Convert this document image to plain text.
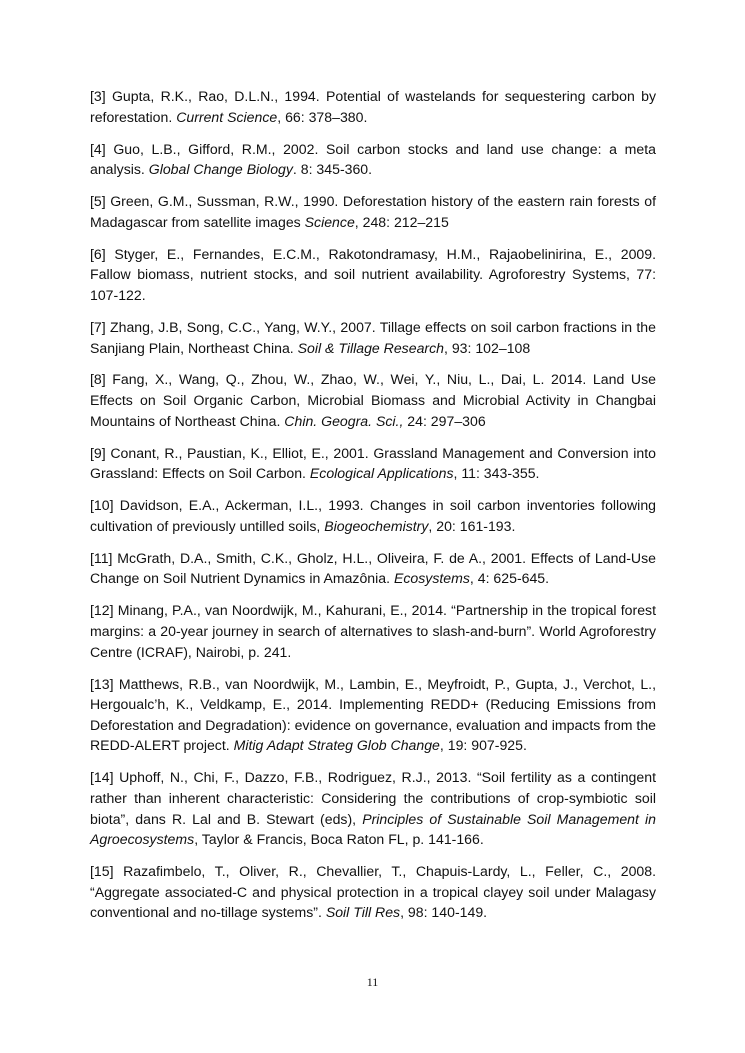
[3] Gupta, R.K., Rao, D.L.N., 1994. Potential of wastelands for sequestering carbon by reforestation. Current Science, 66: 378–380.

[4] Guo, L.B., Gifford, R.M., 2002. Soil carbon stocks and land use change: a meta analysis. Global Change Biology. 8: 345-360.

[5] Green, G.M., Sussman, R.W., 1990. Deforestation history of the eastern rain forests of Madagascar from satellite images Science, 248: 212–215

[6] Styger, E., Fernandes, E.C.M., Rakotondramasy, H.M., Rajaobelinirina, E., 2009. Fallow biomass, nutrient stocks, and soil nutrient availability. Agroforestry Systems, 77: 107-122.

[7] Zhang, J.B, Song, C.C., Yang, W.Y., 2007. Tillage effects on soil carbon fractions in the Sanjiang Plain, Northeast China. Soil & Tillage Research, 93: 102–108

[8] Fang, X., Wang, Q., Zhou, W., Zhao, W., Wei, Y., Niu, L., Dai, L. 2014. Land Use Effects on Soil Organic Carbon, Microbial Biomass and Microbial Activity in Changbai Mountains of Northeast China. Chin. Geogra. Sci., 24: 297–306

[9] Conant, R., Paustian, K., Elliot, E., 2001. Grassland Management and Conversion into Grassland: Effects on Soil Carbon. Ecological Applications, 11: 343-355.

[10] Davidson, E.A., Ackerman, I.L., 1993. Changes in soil carbon inventories following cultivation of previously untilled soils, Biogeochemistry, 20: 161-193.

[11] McGrath, D.A., Smith, C.K., Gholz, H.L., Oliveira, F. de A., 2001. Effects of Land-Use Change on Soil Nutrient Dynamics in Amazônia. Ecosystems, 4: 625-645.

[12] Minang, P.A., van Noordwijk, M., Kahurani, E., 2014. “Partnership in the tropical forest margins: a 20-year journey in search of alternatives to slash-and-burn”. World Agroforestry Centre (ICRAF), Nairobi, p. 241.

[13] Matthews, R.B., van Noordwijk, M., Lambin, E., Meyfroidt, P., Gupta, J., Verchot, L., Hergoualc’h, K., Veldkamp, E., 2014. Implementing REDD+ (Reducing Emissions from Deforestation and Degradation): evidence on governance, evaluation and impacts from the REDD-ALERT project. Mitig Adapt Strateg Glob Change, 19: 907-925.

[14] Uphoff, N., Chi, F., Dazzo, F.B., Rodriguez, R.J., 2013. “Soil fertility as a contingent rather than inherent characteristic: Considering the contributions of crop-symbiotic soil biota”, dans R. Lal and B. Stewart (eds), Principles of Sustainable Soil Management in Agroecosystems, Taylor & Francis, Boca Raton FL, p. 141-166.

[15] Razafimbelo, T., Oliver, R., Chevallier, T., Chapuis-Lardy, L., Feller, C., 2008. “Aggregate associated-C and physical protection in a tropical clayey soil under Malagasy conventional and no-tillage systems”. Soil Till Res, 98: 140-149.

11
